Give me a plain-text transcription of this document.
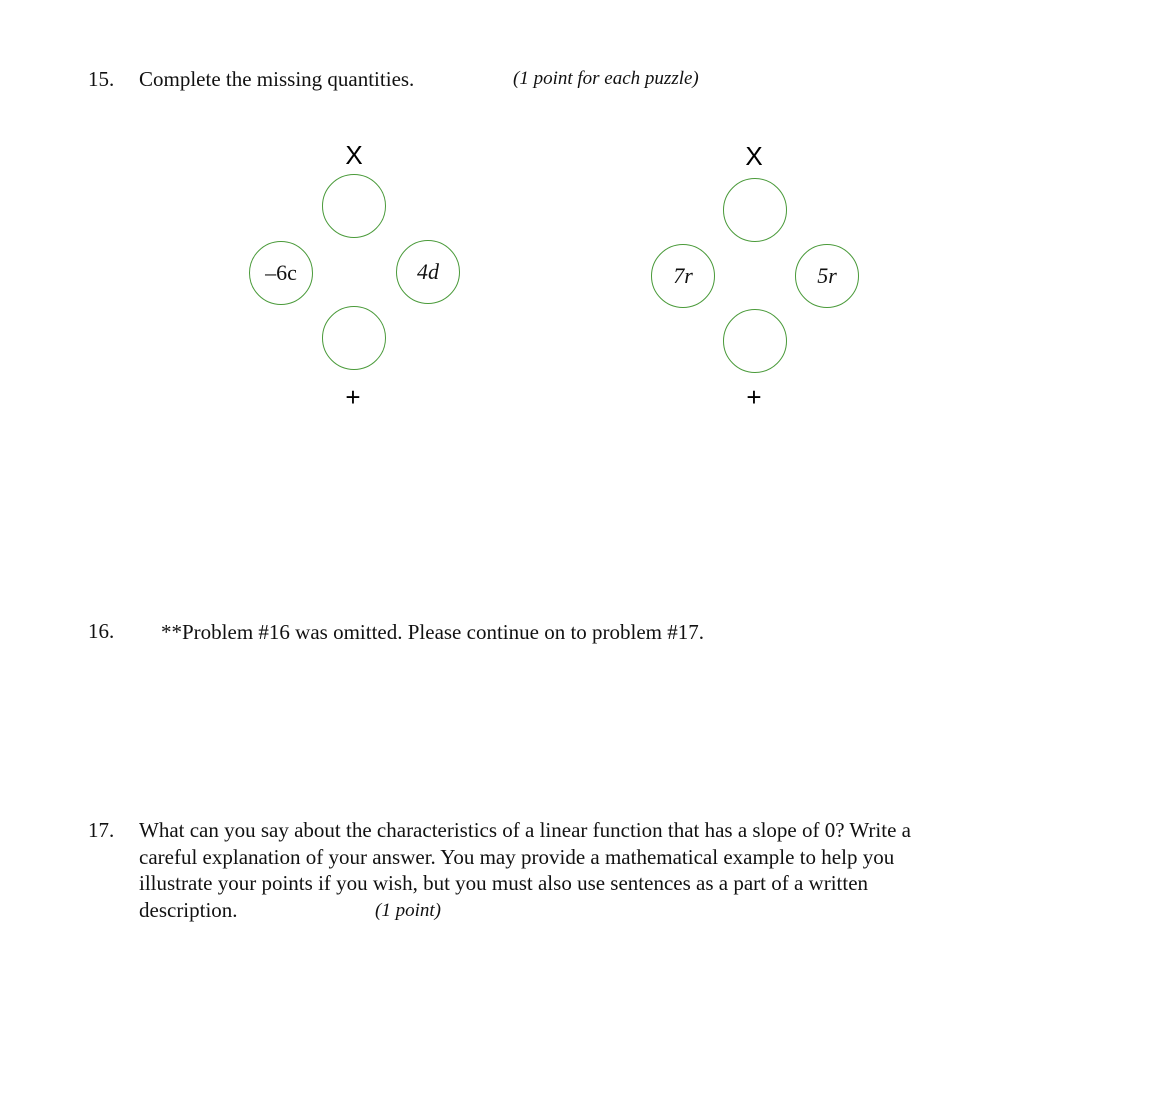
15. Complete the missing quantities.	(1 point for each puzzle)
X
–6c	4d
+
X
7r	5r
+
16. **Problem #16 was omitted. Please continue on to problem #17.
17. What can you say about the characteristics of a linear function that has a slope of 0? Write a
careful explanation of your answer. You may provide a mathematical example to help you
illustrate your points if you wish, but you must also use sentences as a part of a written
description.	(1 point)
